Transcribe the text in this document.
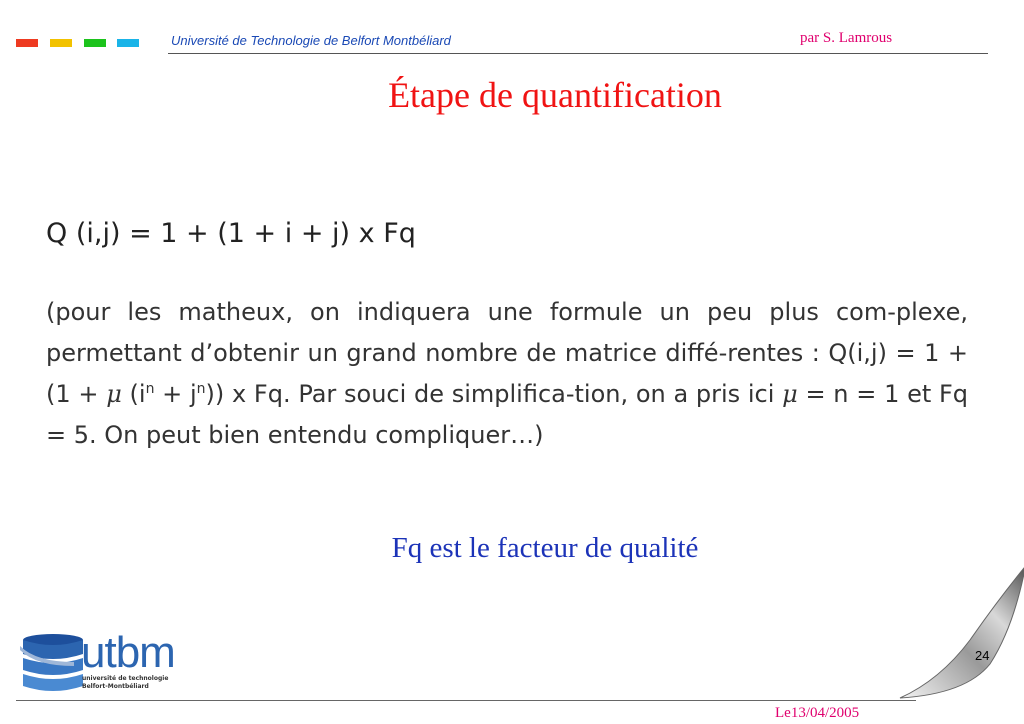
Université de Technologie de Belfort Montbéliard	par S. Lamrous
Étape de quantification
Q (i,j) = 1 + (1 + i + j) x Fq
(pour les matheux, on indiquera une formule un peu plus com-plexe, permettant d’obtenir un grand nombre de matrice diffé-rentes : Q(i,j) = 1 +(1 + μ $(i^n + j^n)$) x Fq. Par souci de simplifica-tion, on a pris ici μ = n = 1 et Fq = 5. On peut bien entendu compliquer…)
Fq est le facteur de qualité
utbm
université de technologie
Belfort-Montbéliard
24
Le13/04/2005
